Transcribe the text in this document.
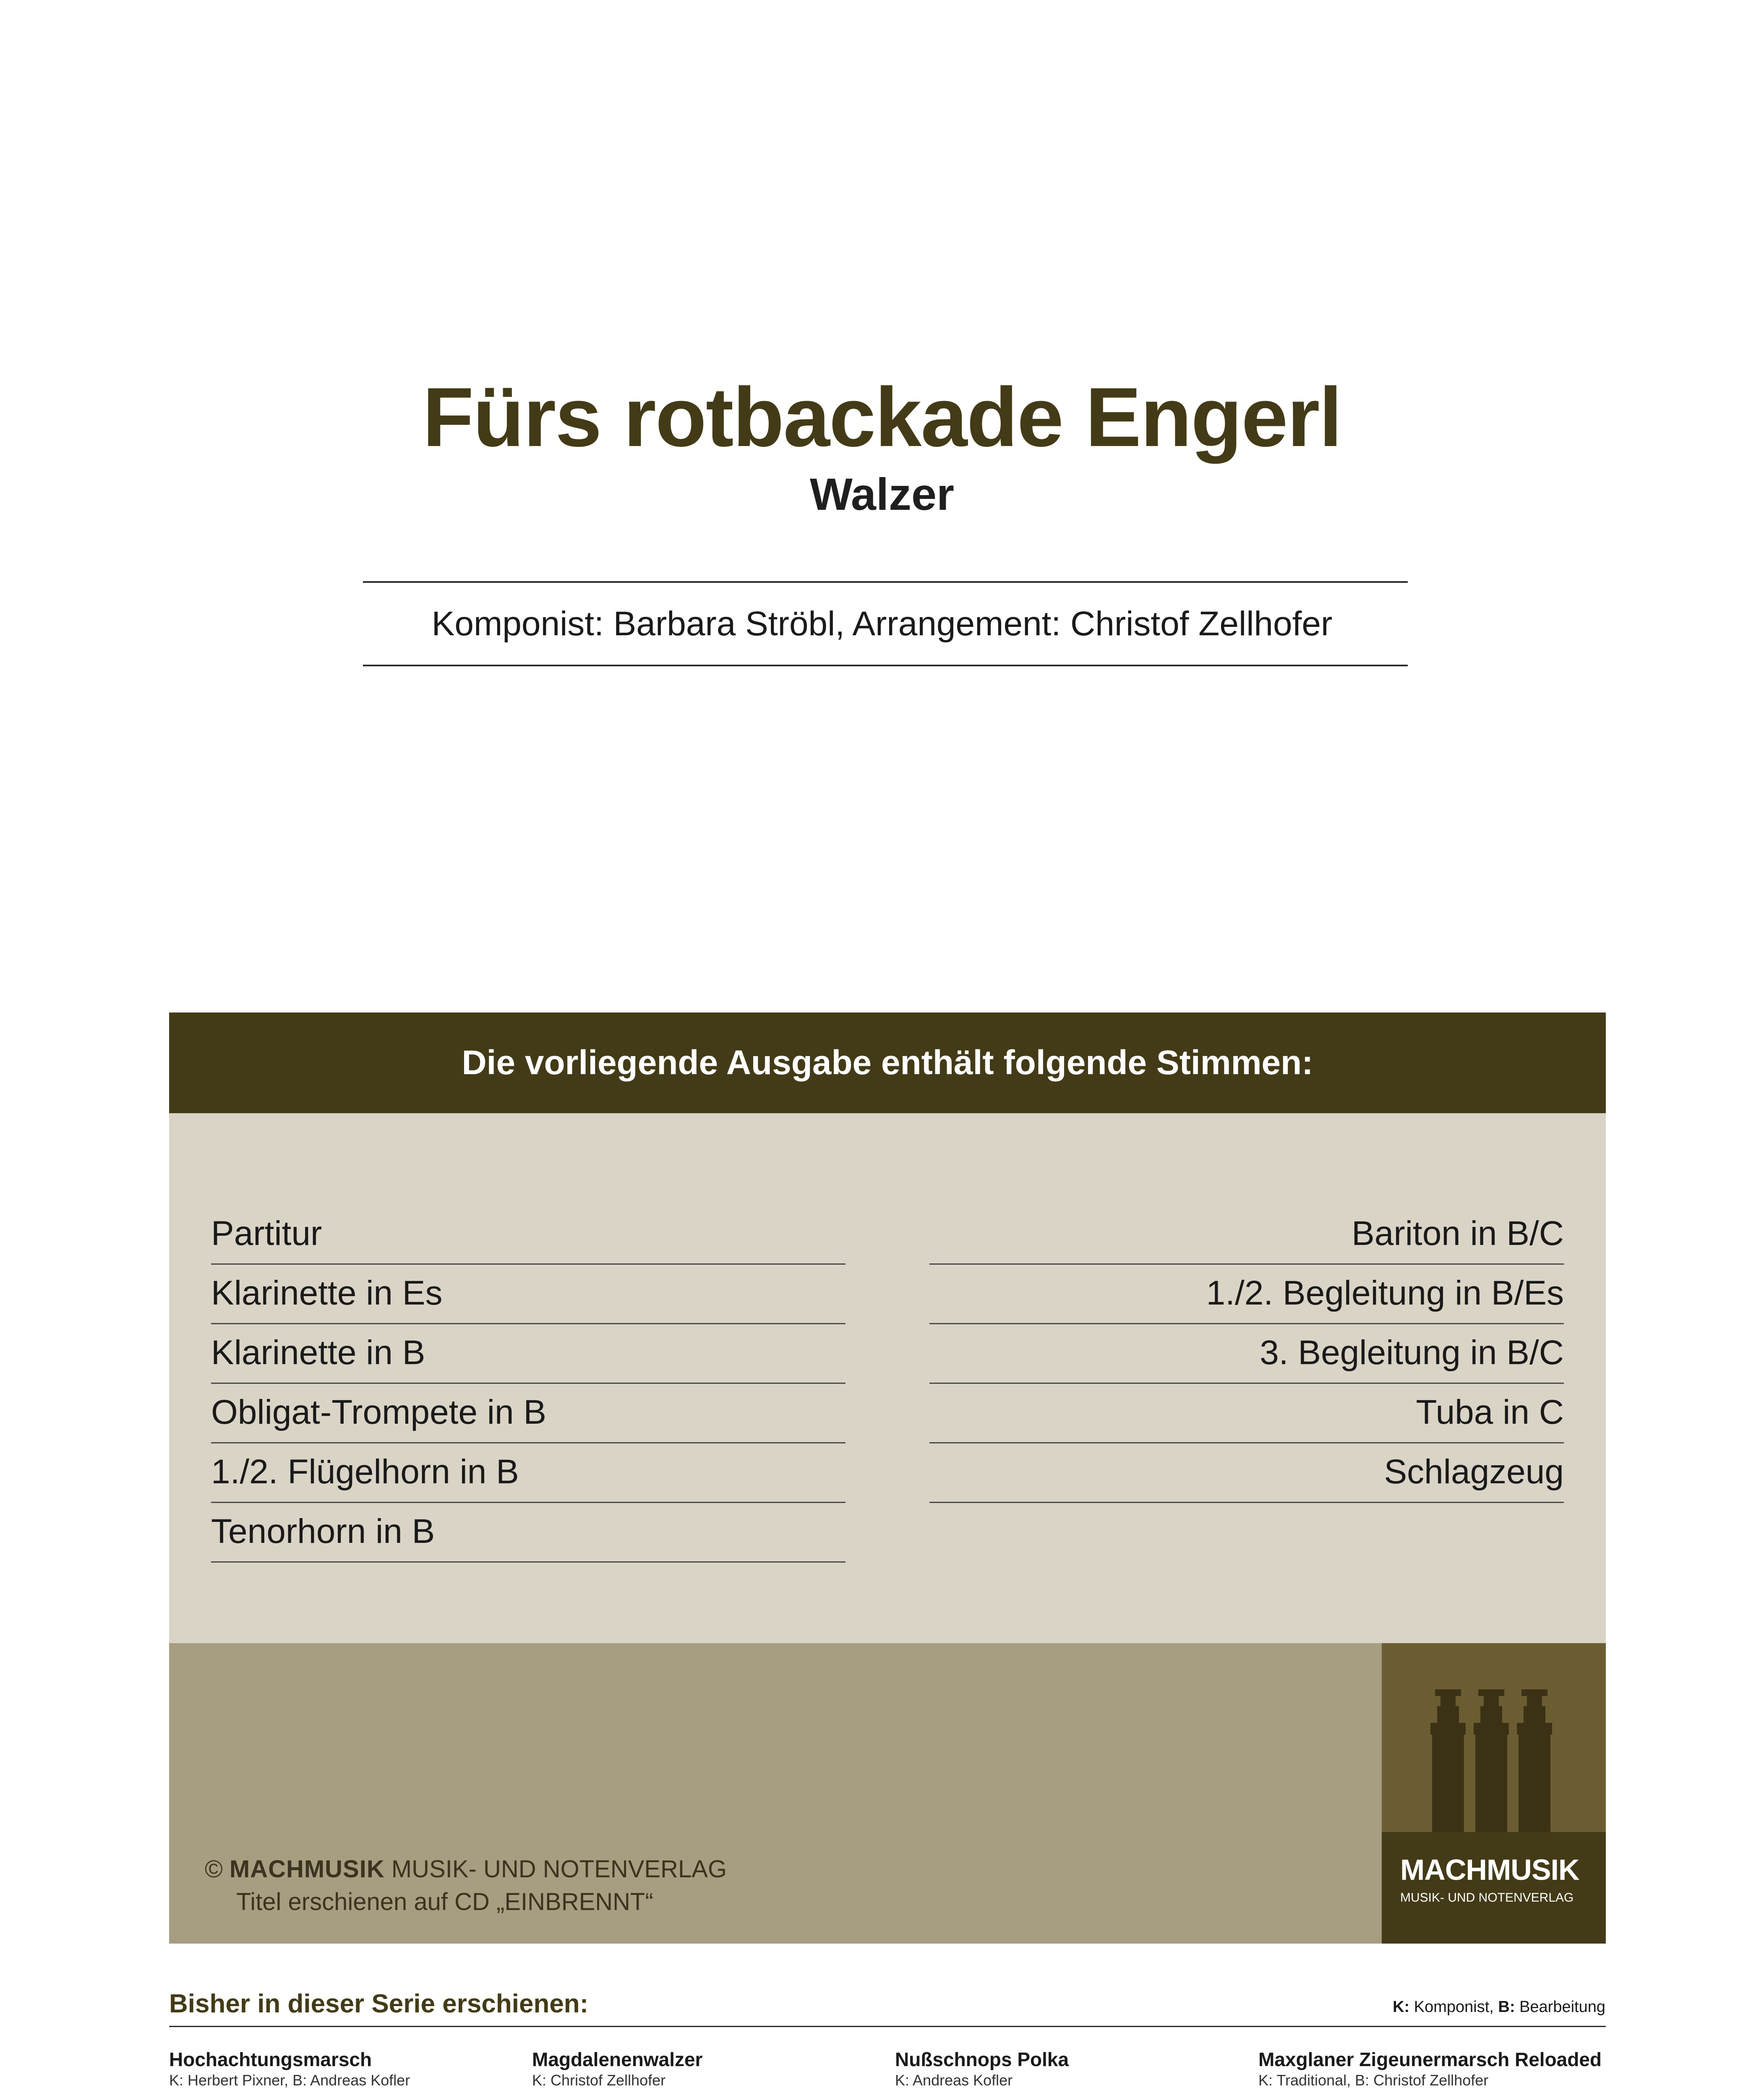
Fürs rotbackade Engerl
Walzer
Komponist: Barbara Ströbl, Arrangement: Christof Zellhofer
Die vorliegende Ausgabe enthält folgende Stimmen:
Partitur
Klarinette in Es
Klarinette in B
Obligat-Trompete in B
1./2. Flügelhorn in B
Tenorhorn in B
Bariton in B/C
1./2. Begleitung in B/Es
3. Begleitung in B/C
Tuba in C
Schlagzeug
© MACHMUSIK MUSIK- UND NOTENVERLAG
Titel erschienen auf CD „EINBRENNT“
MACHMUSIK
MUSIK- UND NOTENVERLAG
Bisher in dieser Serie erschienen:	K: Komponist, B: Bearbeitung
Hochachtungsmarsch
K: Herbert Pixner, B: Andreas Kofler
Magdalenenwalzer
K: Christof Zellhofer
Nußschnops Polka
K: Andreas Kofler
Maxglaner Zigeunermarsch Reloaded
K: Traditional, B: Christof Zellhofer
